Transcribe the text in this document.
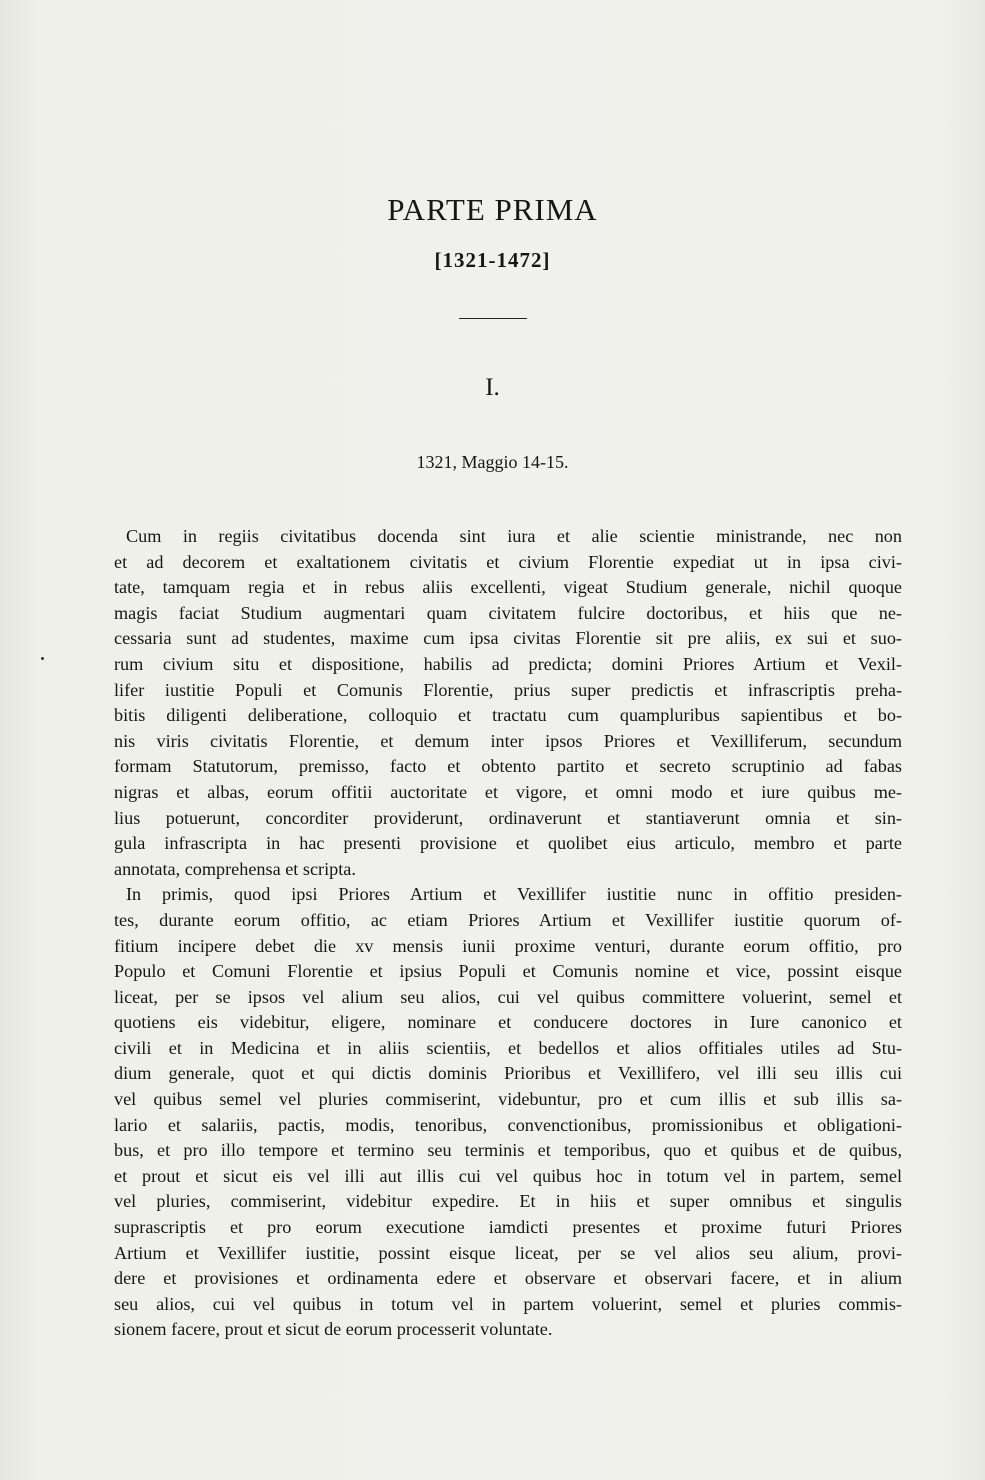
PARTE PRIMA
[1321-1472]
I.
1321, Maggio 14-15.
Cum in regiis civitatibus docenda sint iura et alie scientie ministrande, nec non
et ad decorem et exaltationem civitatis et civium Florentie expediat ut in ipsa civi-
tate, tamquam regia et in rebus aliis excellenti, vigeat Studium generale, nichil quoque
magis faciat Studium augmentari quam civitatem fulcire doctoribus, et hiis que ne-
cessaria sunt ad studentes, maxime cum ipsa civitas Florentie sit pre aliis, ex sui et suo-
rum civium situ et dispositione, habilis ad predicta; domini Priores Artium et Vexil-
lifer iustitie Populi et Comunis Florentie, prius super predictis et infrascriptis preha-
bitis diligenti deliberatione, colloquio et tractatu cum quampluribus sapientibus et bo-
nis viris civitatis Florentie, et demum inter ipsos Priores et Vexilliferum, secundum
formam Statutorum, premisso, facto et obtento partito et secreto scruptinio ad fabas
nigras et albas, eorum offitii auctoritate et vigore, et omni modo et iure quibus me-
lius potuerunt, concorditer providerunt, ordinaverunt et stantiaverunt omnia et sin-
gula infrascripta in hac presenti provisione et quolibet eius articulo, membro et parte
annotata, comprehensa et scripta.
In primis, quod ipsi Priores Artium et Vexillifer iustitie nunc in offitio presiden-
tes, durante eorum offitio, ac etiam Priores Artium et Vexillifer iustitie quorum of-
fitium incipere debet die xv mensis iunii proxime venturi, durante eorum offitio, pro
Populo et Comuni Florentie et ipsius Populi et Comunis nomine et vice, possint eisque
liceat, per se ipsos vel alium seu alios, cui vel quibus committere voluerint, semel et
quotiens eis videbitur, eligere, nominare et conducere doctores in Iure canonico et
civili et in Medicina et in aliis scientiis, et bedellos et alios offitiales utiles ad Stu-
dium generale, quot et qui dictis dominis Prioribus et Vexillifero, vel illi seu illis cui
vel quibus semel vel pluries commiserint, videbuntur, pro et cum illis et sub illis sa-
lario et salariis, pactis, modis, tenoribus, convenctionibus, promissionibus et obligationi-
bus, et pro illo tempore et termino seu terminis et temporibus, quo et quibus et de quibus,
et prout et sicut eis vel illi aut illis cui vel quibus hoc in totum vel in partem, semel
vel pluries, commiserint, videbitur expedire. Et in hiis et super omnibus et singulis
suprascriptis et pro eorum executione iamdicti presentes et proxime futuri Priores
Artium et Vexillifer iustitie, possint eisque liceat, per se vel alios seu alium, provi-
dere et provisiones et ordinamenta edere et observare et observari facere, et in alium
seu alios, cui vel quibus in totum vel in partem voluerint, semel et pluries commis-
sionem facere, prout et sicut de eorum processerit voluntate.
